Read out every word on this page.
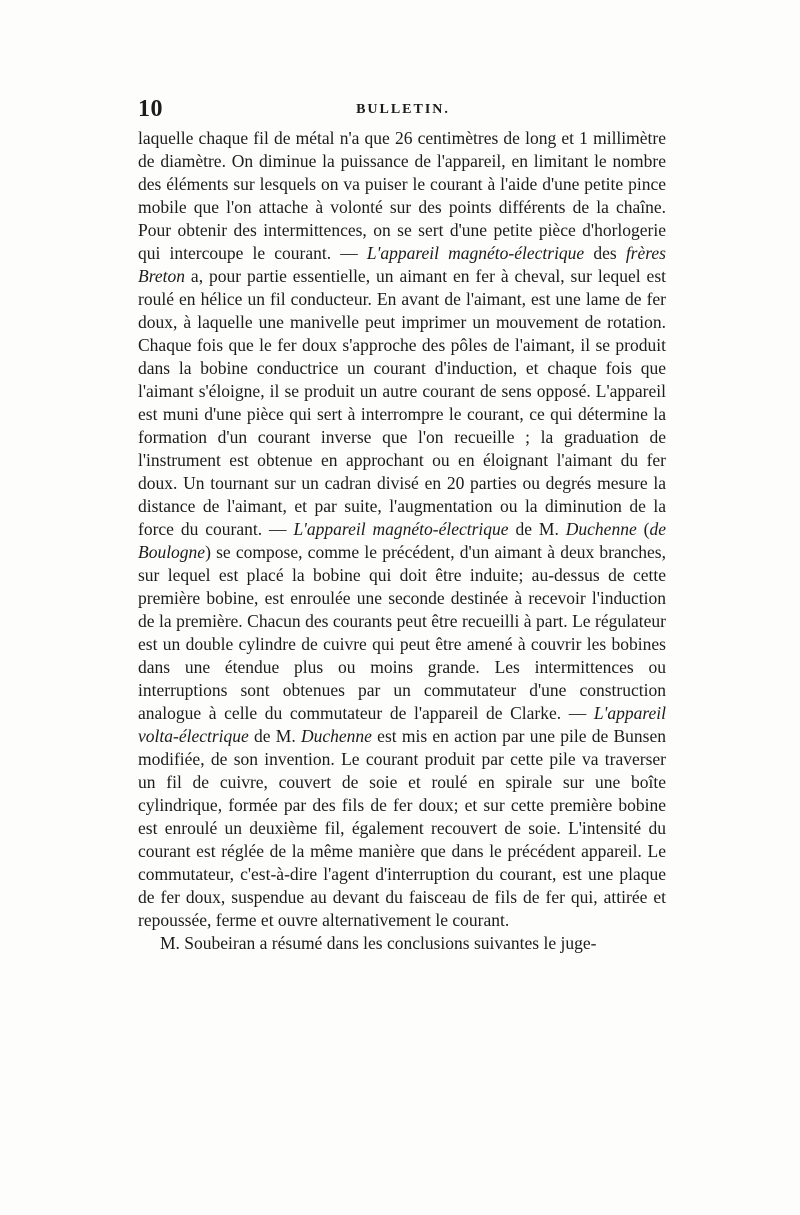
10	BULLETIN.

laquelle chaque fil de métal n'a que 26 centimètres de long et 1 millimètre de diamètre. On diminue la puissance de l'appareil, en limitant le nombre des éléments sur lesquels on va puiser le courant à l'aide d'une petite pince mobile que l'on attache à volonté sur des points différents de la chaîne. Pour obtenir des intermittences, on se sert d'une petite pièce d'horlogerie qui intercoupe le courant. — L'appareil magnéto-électrique des frères Breton a, pour partie essentielle, un aimant en fer à cheval, sur lequel est roulé en hélice un fil conducteur. En avant de l'aimant, est une lame de fer doux, à laquelle une manivelle peut imprimer un mouvement de rotation. Chaque fois que le fer doux s'approche des pôles de l'aimant, il se produit dans la bobine conductrice un courant d'induction, et chaque fois que l'aimant s'éloigne, il se produit un autre courant de sens opposé. L'appareil est muni d'une pièce qui sert à interrompre le courant, ce qui détermine la formation d'un courant inverse que l'on recueille ; la graduation de l'instrument est obtenue en approchant ou en éloignant l'aimant du fer doux. Un tournant sur un cadran divisé en 20 parties ou degrés mesure la distance de l'aimant, et par suite, l'augmentation ou la diminution de la force du courant. — L'appareil magnéto-électrique de M. Duchenne (de Boulogne) se compose, comme le précédent, d'un aimant à deux branches, sur lequel est placé la bobine qui doit être induite; au-dessus de cette première bobine, est enroulée une seconde destinée à recevoir l'induction de la première. Chacun des courants peut être recueilli à part. Le régulateur est un double cylindre de cuivre qui peut être amené à couvrir les bobines dans une étendue plus ou moins grande. Les intermittences ou interruptions sont obtenues par un commutateur d'une construction analogue à celle du commutateur de l'appareil de Clarke. — L'appareil volta-électrique de M. Duchenne est mis en action par une pile de Bunsen modifiée, de son invention. Le courant produit par cette pile va traverser un fil de cuivre, couvert de soie et roulé en spirale sur une boîte cylindrique, formée par des fils de fer doux; et sur cette première bobine est enroulé un deuxième fil, également recouvert de soie. L'intensité du courant est réglée de la même manière que dans le précédent appareil. Le commutateur, c'est-à-dire l'agent d'interruption du courant, est une plaque de fer doux, suspendue au devant du faisceau de fils de fer qui, attirée et repoussée, ferme et ouvre alternativement le courant.

M. Soubeiran a résumé dans les conclusions suivantes le juge-
